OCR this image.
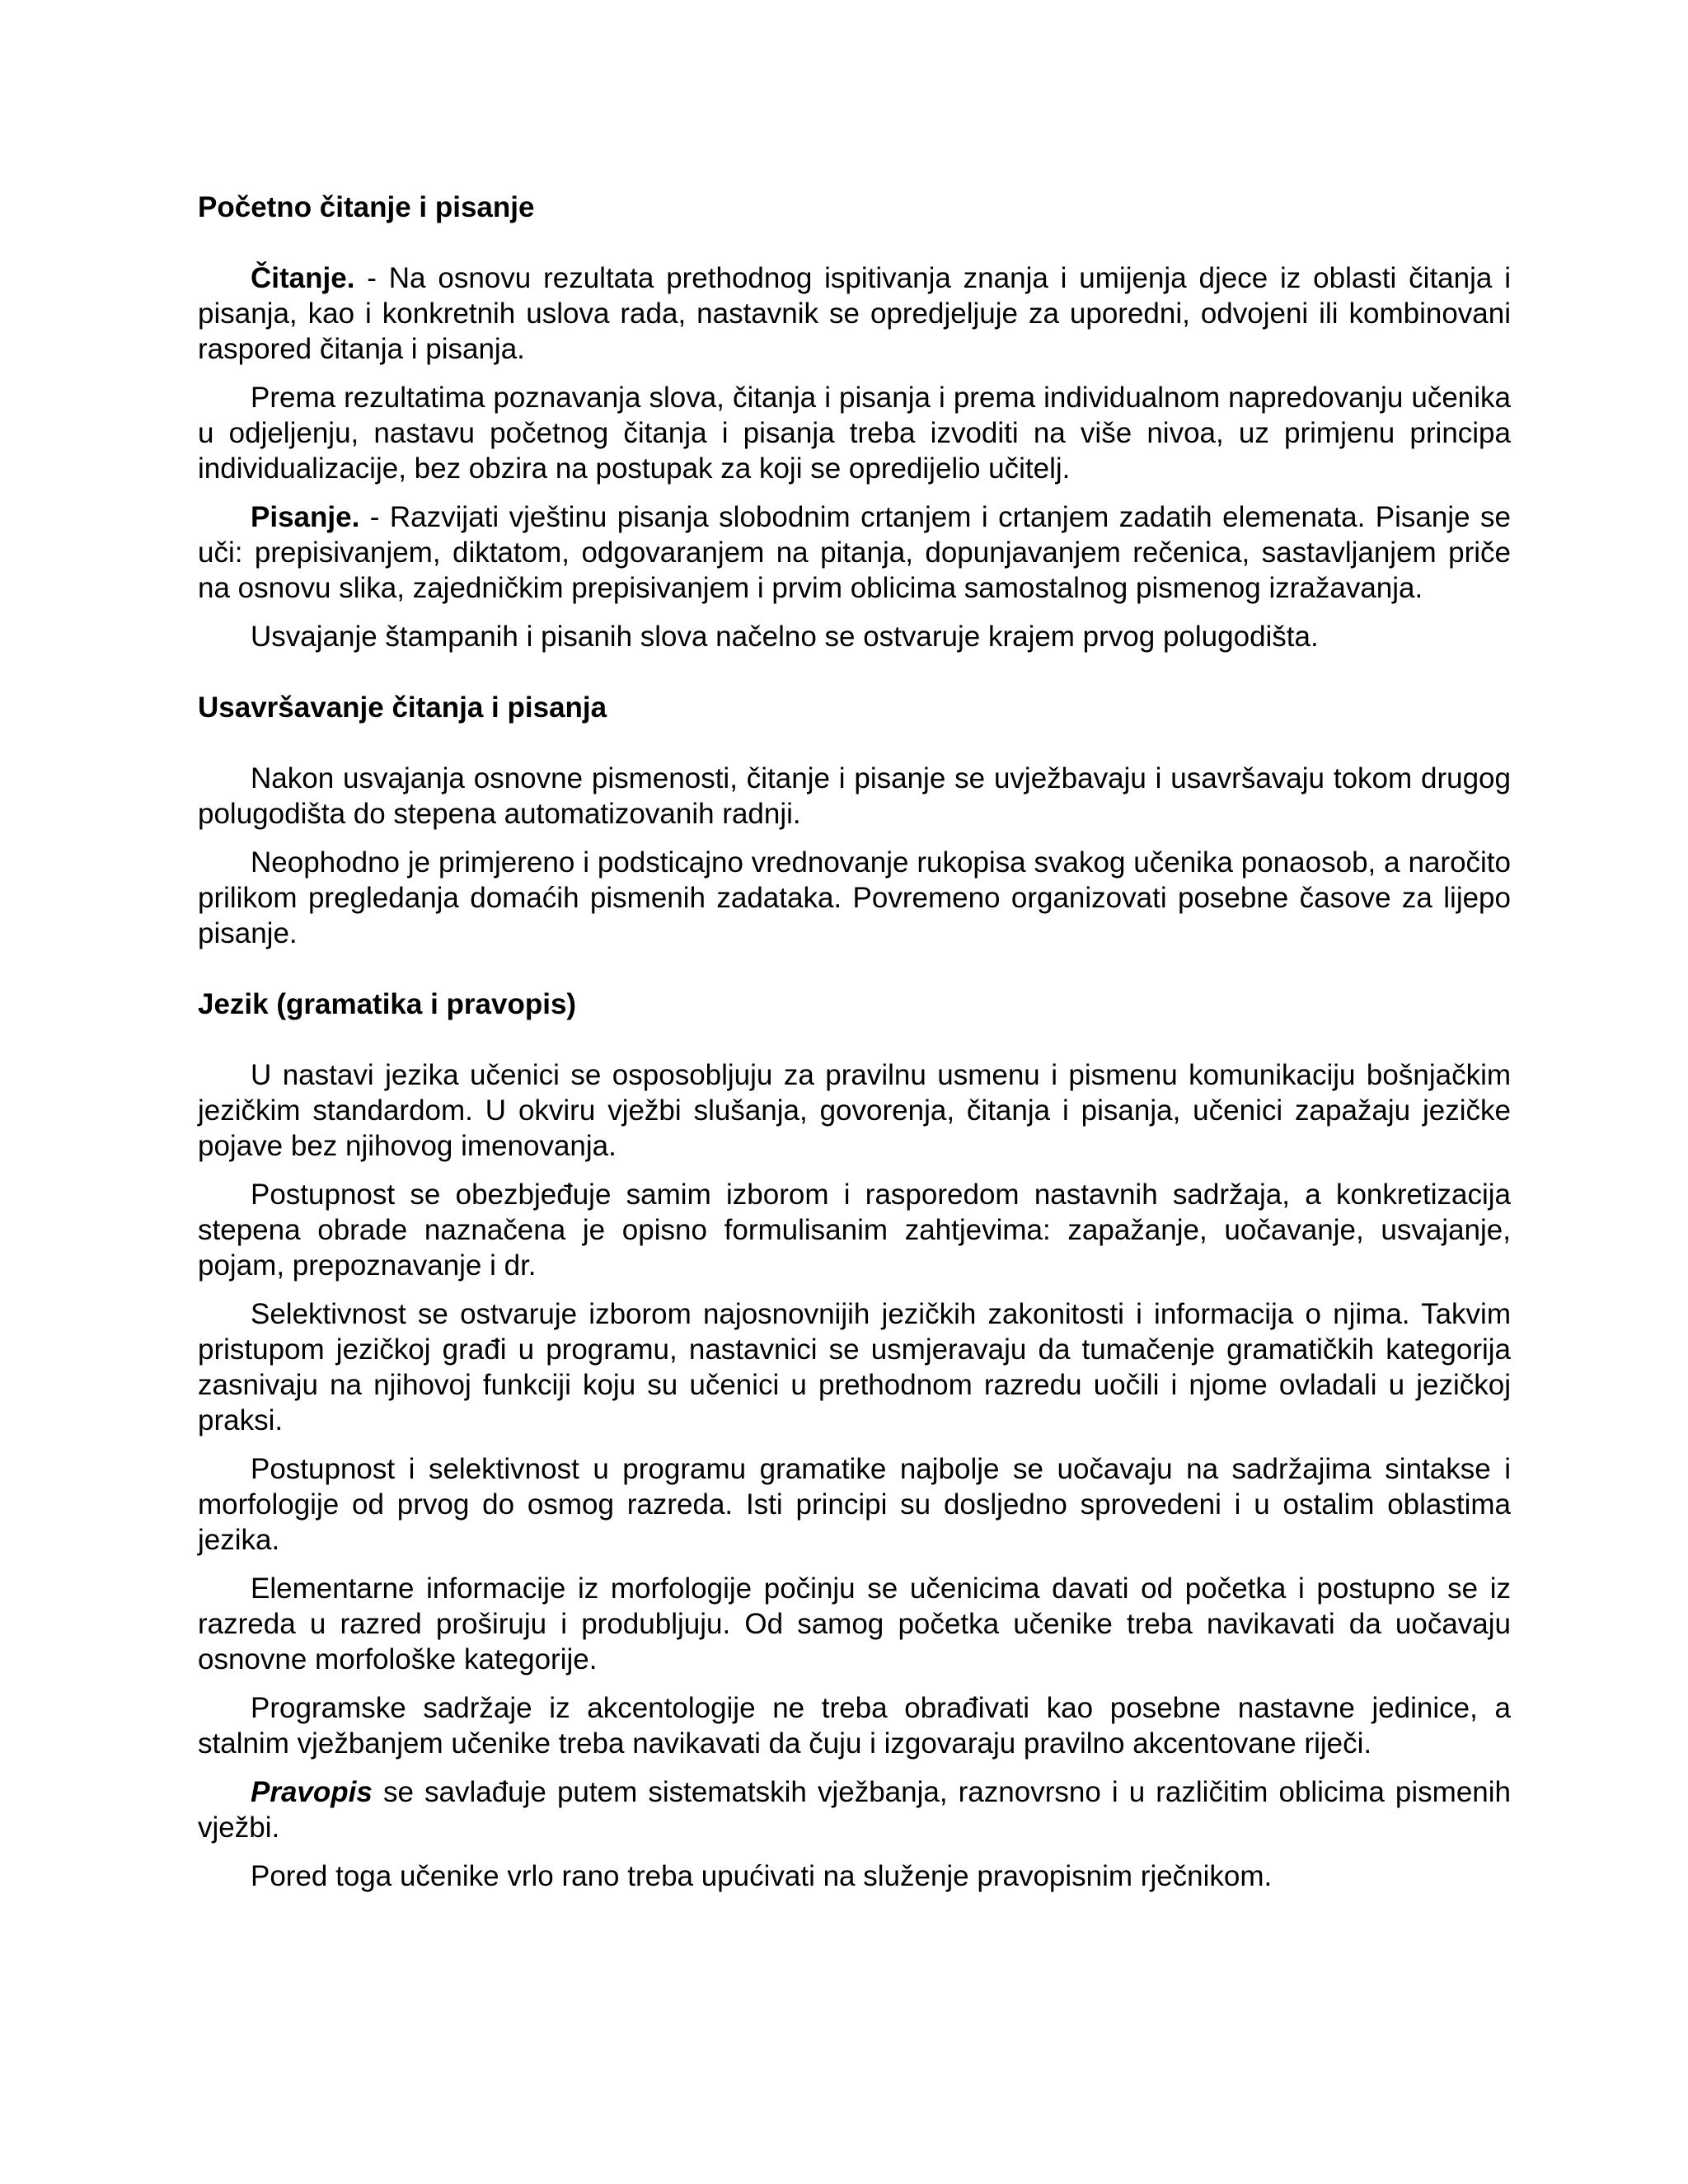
Početno čitanje i pisanje

Čitanje. - Na osnovu rezultata prethodnog ispitivanja znanja i umijenja djece iz oblasti čitanja i pisanja, kao i konkretnih uslova rada, nastavnik se opredjeljuje za uporedni, odvojeni ili kombinovani raspored čitanja i pisanja.

Prema rezultatima poznavanja slova, čitanja i pisanja i prema individualnom napredovanju učenika u odjeljenju, nastavu početnog čitanja i pisanja treba izvoditi na više nivoa, uz primjenu principa individualizacije, bez obzira na postupak za koji se opredijelio učitelj.

Pisanje. - Razvijati vještinu pisanja slobodnim crtanjem i crtanjem zadatih elemenata. Pisanje se uči: prepisivanjem, diktatom, odgovaranjem na pitanja, dopunjavanjem rečenica, sastavljanjem priče na osnovu slika, zajedničkim prepisivanjem i prvim oblicima samostalnog pismenog izražavanja.

Usvajanje štampanih i pisanih slova načelno se ostvaruje krajem prvog polugodišta.

Usavršavanje čitanja i pisanja

Nakon usvajanja osnovne pismenosti, čitanje i pisanje se uvježbavaju i usavršavaju tokom drugog polugodišta do stepena automatizovanih radnji.

Neophodno je primjereno i podsticajno vrednovanje rukopisa svakog učenika ponaosob, a naročito prilikom pregledanja domaćih pismenih zadataka. Povremeno organizovati posebne časove za lijepo pisanje.

Jezik (gramatika i pravopis)

U nastavi jezika učenici se osposobljuju za pravilnu usmenu i pismenu komunikaciju bošnjačkim jezičkim standardom. U okviru vježbi slušanja, govorenja, čitanja i pisanja, učenici zapažaju jezičke pojave bez njihovog imenovanja.

Postupnost se obezbjeđuje samim izborom i rasporedom nastavnih sadržaja, a konkretizacija stepena obrade naznačena je opisno formulisanim zahtjevima: zapažanje, uočavanje, usvajanje, pojam, prepoznavanje i dr.

Selektivnost se ostvaruje izborom najosnovnijih jezičkih zakonitosti i informacija o njima. Takvim pristupom jezičkoj građi u programu, nastavnici se usmjeravaju da tumačenje gramatičkih kategorija zasnivaju na njihovoj funkciji koju su učenici u prethodnom razredu uočili i njome ovladali u jezičkoj praksi.

Postupnost i selektivnost u programu gramatike najbolje se uočavaju na sadržajima sintakse i morfologije od prvog do osmog razreda. Isti principi su dosljedno sprovedeni i u ostalim oblastima jezika.

Elementarne informacije iz morfologije počinju se učenicima davati od početka i postupno se iz razreda u razred proširuju i produbljuju. Od samog početka učenike treba navikavati da uočavaju osnovne morfološke kategorije.

Programske sadržaje iz akcentologije ne treba obrađivati kao posebne nastavne jedinice, a stalnim vježbanjem učenike treba navikavati da čuju i izgovaraju pravilno akcentovane riječi.

Pravopis se savlađuje putem sistematskih vježbanja, raznovrsno i u različitim oblicima pismenih vježbi.

Pored toga učenike vrlo rano treba upućivati na služenje pravopisnim rječnikom.
